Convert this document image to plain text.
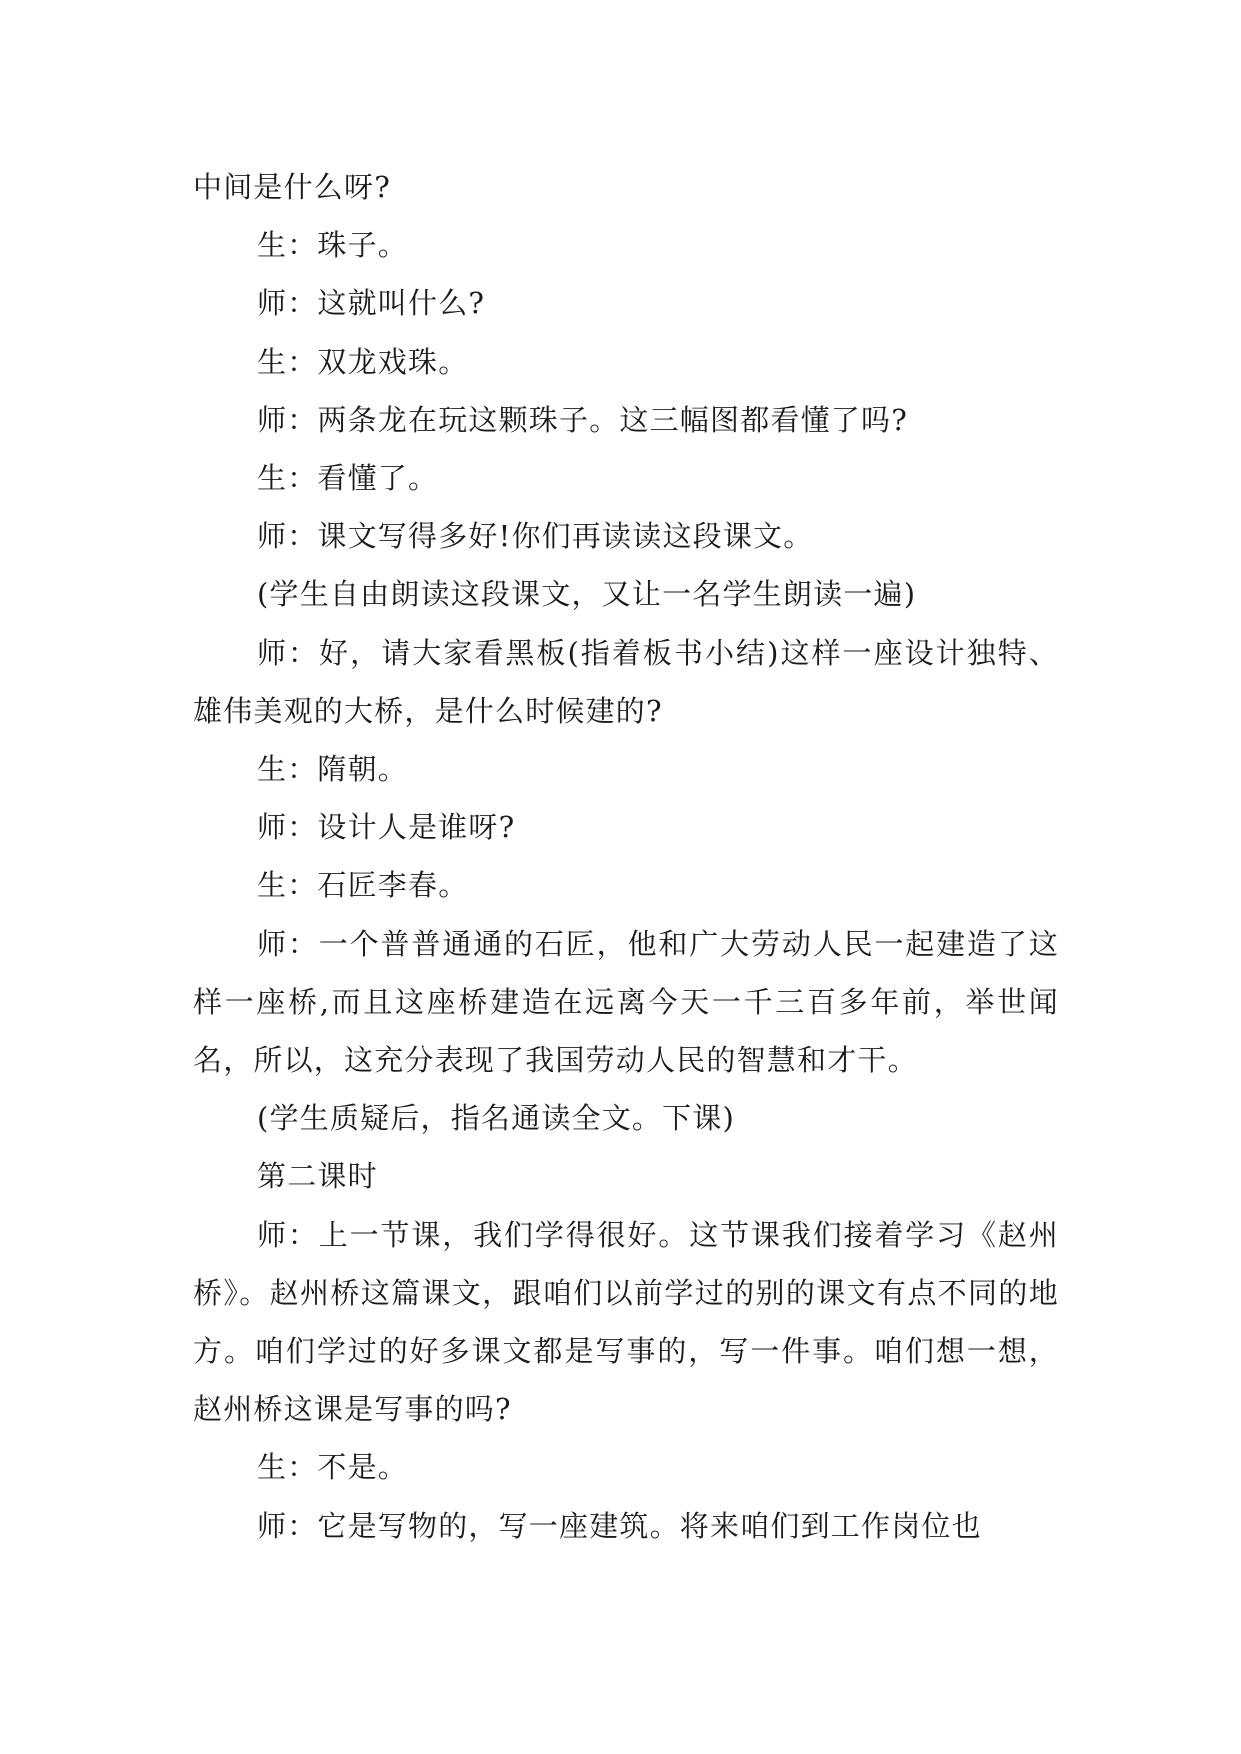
中间是什么呀?

生：珠子。

师：这就叫什么?

生：双龙戏珠。

师：两条龙在玩这颗珠子。这三幅图都看懂了吗?

生：看懂了。

师：课文写得多好!你们再读读这段课文。

(学生自由朗读这段课文，又让一名学生朗读一遍)

师：好，请大家看黑板(指着板书小结)这样一座设计独特、雄伟美观的大桥，是什么时候建的?

生：隋朝。

师：设计人是谁呀?

生：石匠李春。

师：一个普普通通的石匠，他和广大劳动人民一起建造了这样一座桥,而且这座桥建造在远离今天一千三百多年前，举世闻名，所以，这充分表现了我国劳动人民的智慧和才干。

(学生质疑后，指名通读全文。下课)

第二课时

师：上一节课，我们学得很好。这节课我们接着学习《赵州桥》。赵州桥这篇课文，跟咱们以前学过的别的课文有点不同的地方。咱们学过的好多课文都是写事的，写一件事。咱们想一想，赵州桥这课是写事的吗?

生：不是。

师：它是写物的，写一座建筑。将来咱们到工作岗位也
